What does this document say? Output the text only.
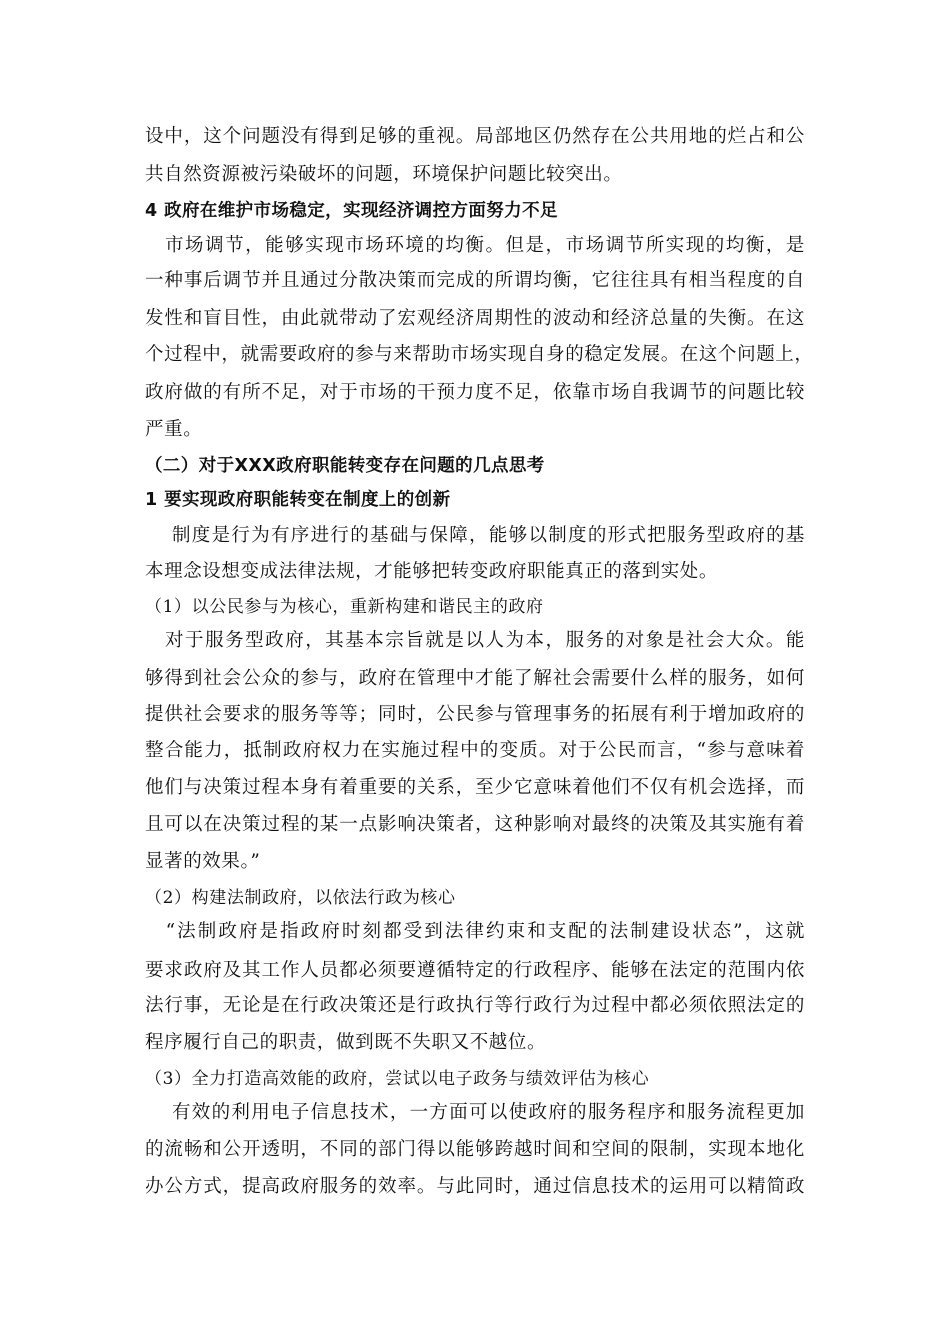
设中，这个问题没有得到足够的重视。局部地区仍然存在公共用地的烂占和公
共自然资源被污染破坏的问题，环境保护问题比较突出。
4 政府在维护市场稳定，实现经济调控方面努力不足
　市场调节，能够实现市场环境的均衡。但是，市场调节所实现的均衡，是
一种事后调节并且通过分散决策而完成的所谓均衡，它往往具有相当程度的自
发性和盲目性，由此就带动了宏观经济周期性的波动和经济总量的失衡。在这
个过程中，就需要政府的参与来帮助市场实现自身的稳定发展。在这个问题上，
政府做的有所不足，对于市场的干预力度不足，依靠市场自我调节的问题比较
严重。
（二）对于XXX政府职能转变存在问题的几点思考
1 要实现政府职能转变在制度上的创新
　 制度是行为有序进行的基础与保障，能够以制度的形式把服务型政府的基
本理念设想变成法律法规，才能够把转变政府职能真正的落到实处。
（1）以公民参与为核心，重新构建和谐民主的政府
　对于服务型政府，其基本宗旨就是以人为本，服务的对象是社会大众。能
够得到社会公众的参与，政府在管理中才能了解社会需要什么样的服务，如何
提供社会要求的服务等等；同时，公民参与管理事务的拓展有利于增加政府的
整合能力，抵制政府权力在实施过程中的变质。对于公民而言，“参与意味着
他们与决策过程本身有着重要的关系，至少它意味着他们不仅有机会选择，而
且可以在决策过程的某一点影响决策者，这种影响对最终的决策及其实施有着
显著的效果。”
（2）构建法制政府，以依法行政为核心
　“法制政府是指政府时刻都受到法律约束和支配的法制建设状态”，这就
要求政府及其工作人员都必须要遵循特定的行政程序、能够在法定的范围内依
法行事，无论是在行政决策还是行政执行等行政行为过程中都必须依照法定的
程序履行自己的职责，做到既不失职又不越位。
（3）全力打造高效能的政府，尝试以电子政务与绩效评估为核心
　 有效的利用电子信息技术，一方面可以使政府的服务程序和服务流程更加
的流畅和公开透明，不同的部门得以能够跨越时间和空间的限制，实现本地化
办公方式，提高政府服务的效率。与此同时，通过信息技术的运用可以精简政
